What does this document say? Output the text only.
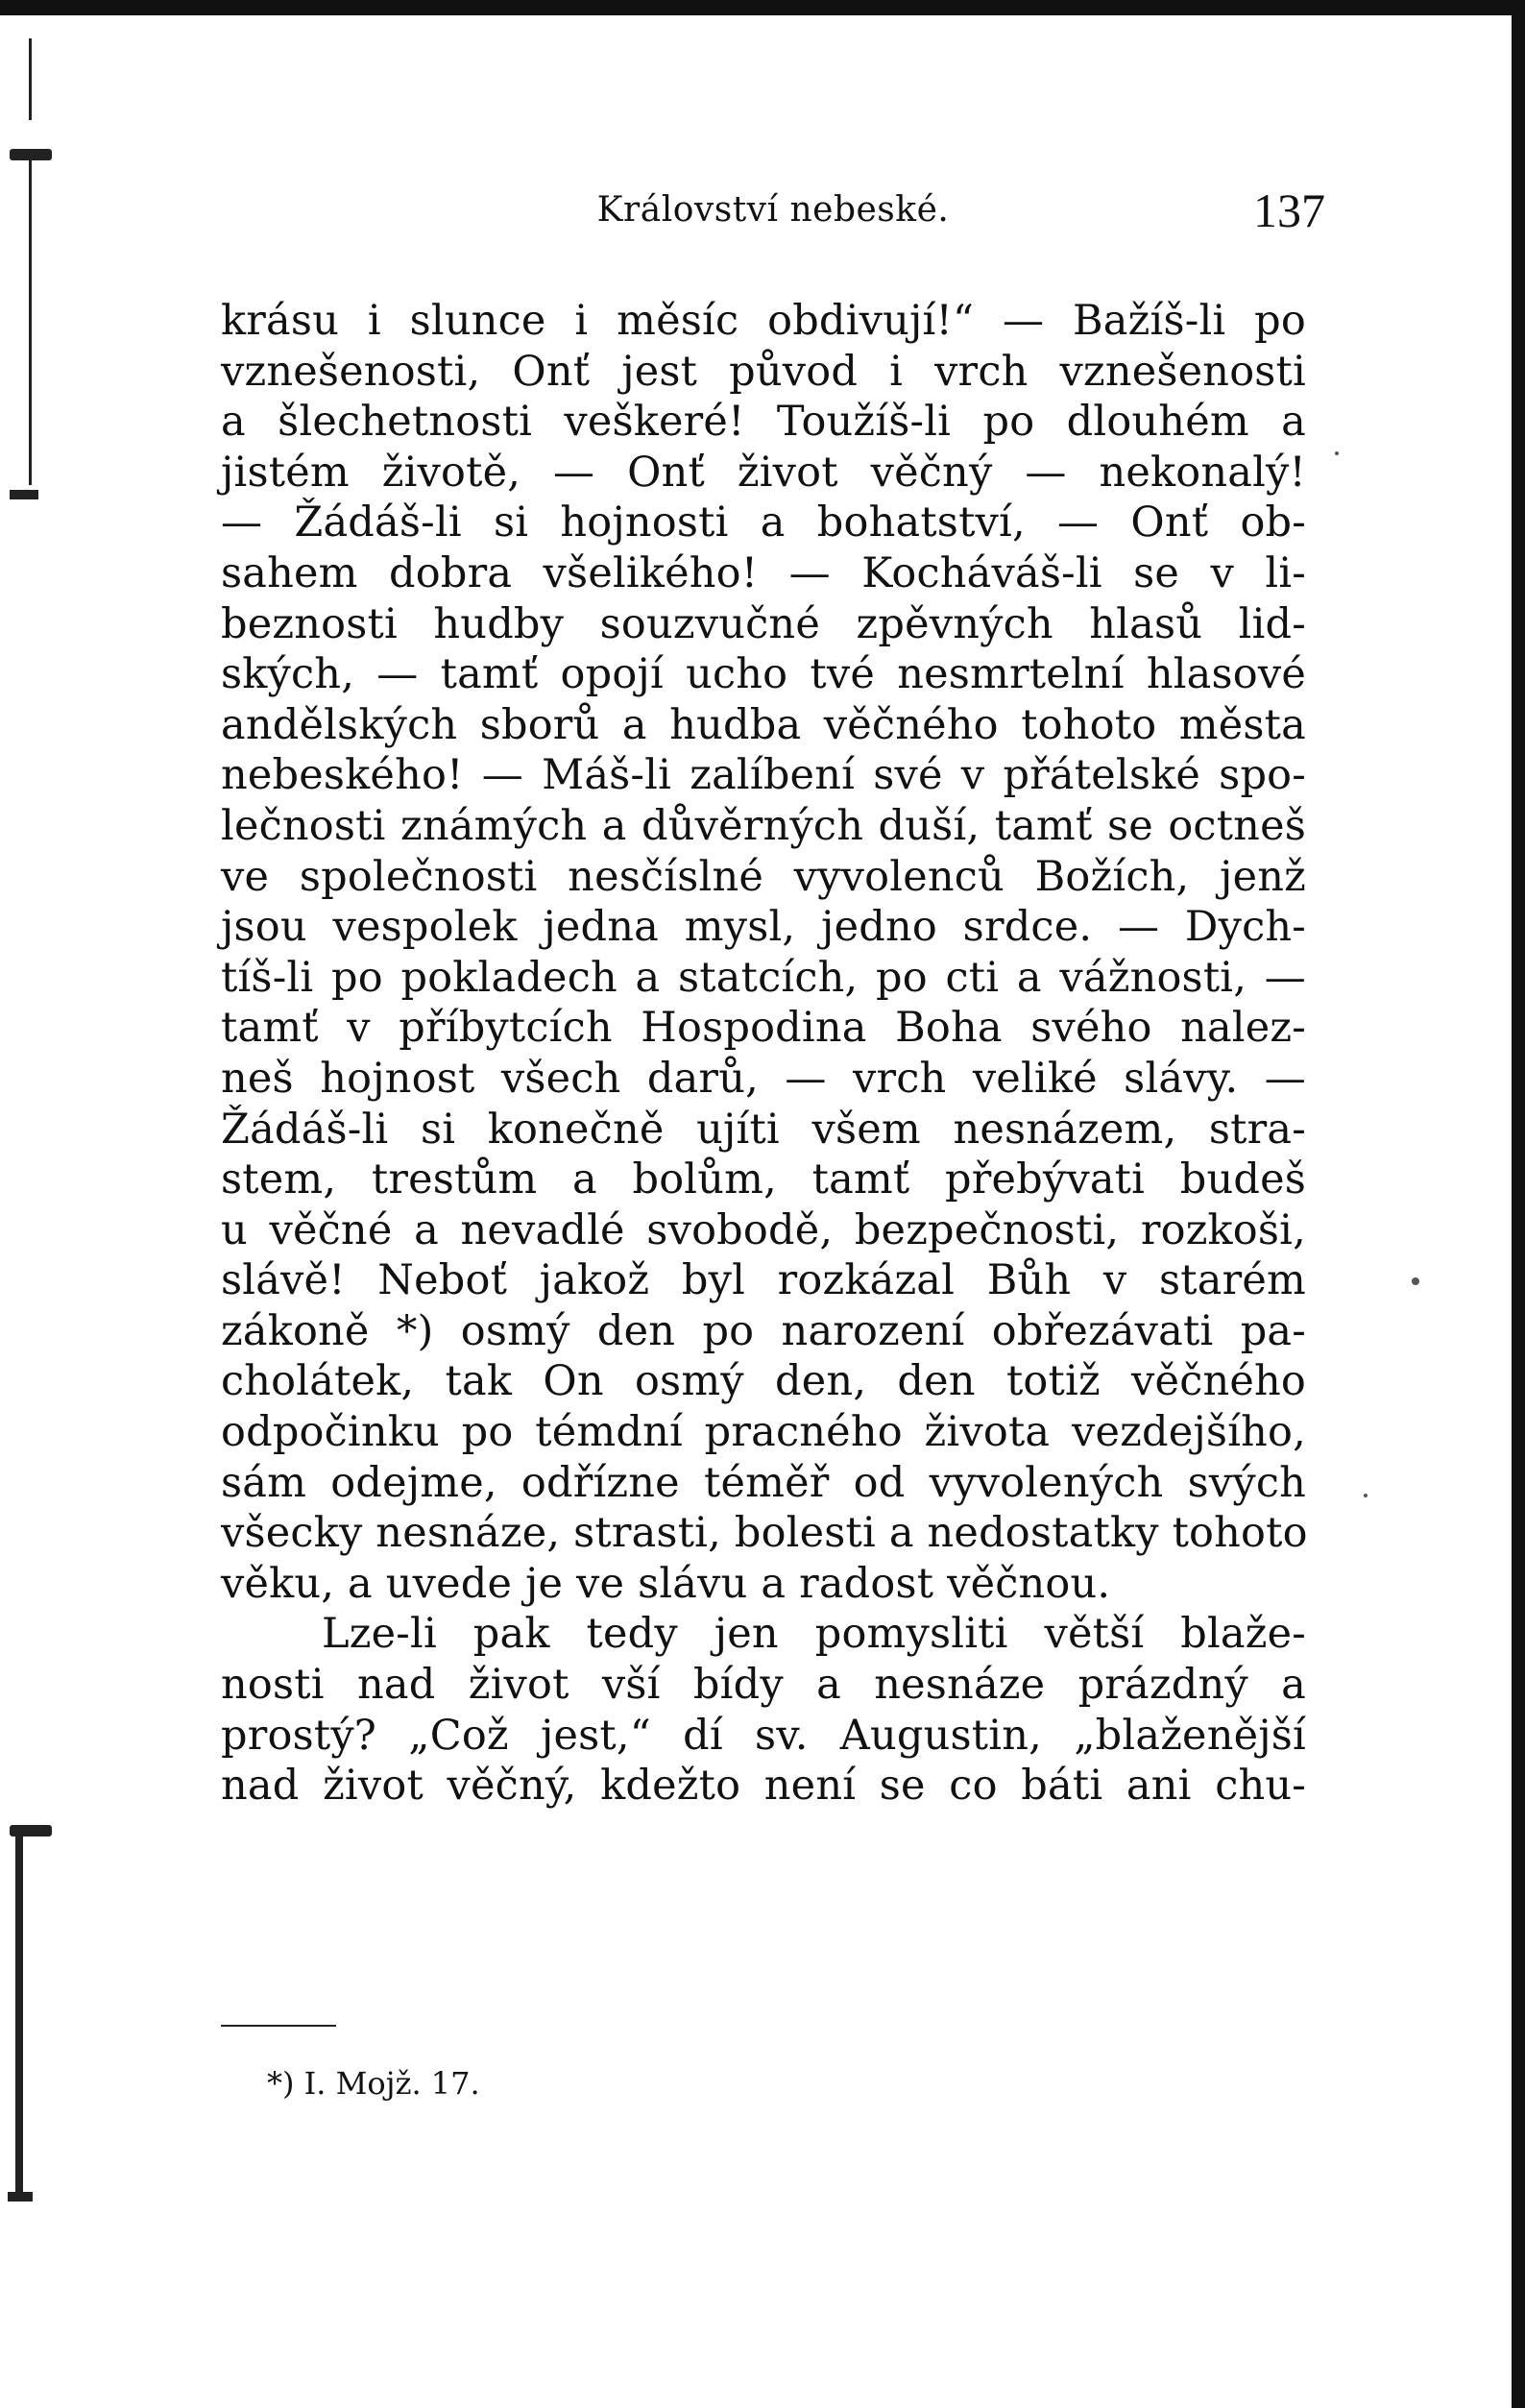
Království nebeské.	137
krásu i slunce i měsíc obdivují!“ — Bažíš-li po
vznešenosti, Onť jest původ i vrch vznešenosti
a šlechetnosti veškeré! Toužíš-li po dlouhém a
jistém životě, — Onť život věčný — nekonalý!
— Žádáš-li si hojnosti a bohatství, — Onť ob-
sahem dobra všelikého! — Kocháváš-li se v li-
beznosti hudby souzvučné zpěvných hlasů lid-
ských, — tamť opojí ucho tvé nesmrtelní hlasové
andělských sborů a hudba věčného tohoto města
nebeského! — Máš-li zalíbení své v přátelské spo-
lečnosti známých a důvěrných duší, tamť se octneš
ve společnosti nesčíslné vyvolenců Božích, jenž
jsou vespolek jedna mysl, jedno srdce. — Dych-
tíš-li po pokladech a statcích, po cti a vážnosti, —
tamť v příbytcích Hospodina Boha svého nalez-
neš hojnost všech darů, — vrch veliké slávy. —
Žádáš-li si konečně ujíti všem nesnázem, stra-
stem, trestům a bolům, tamť přebývati budeš
u věčné a nevadlé svobodě, bezpečnosti, rozkoši,
slávě! Neboť jakož byl rozkázal Bůh v starém
zákoně *) osmý den po narození obřezávati pa-
cholátek, tak On osmý den, den totiž věčného
odpočinku po témdní pracného života vezdejšího,
sám odejme, odřízne téměř od vyvolených svých
všecky nesnáze, strasti, bolesti a nedostatky tohoto
věku, a uvede je ve slávu a radost věčnou.
Lze-li pak tedy jen pomysliti větší blaže-
nosti nad život vší bídy a nesnáze prázdný a
prostý? „Což jest,“ dí sv. Augustin, „blaženější
nad život věčný, kdežto není se co báti ani chu-
*) I. Mojž. 17.
